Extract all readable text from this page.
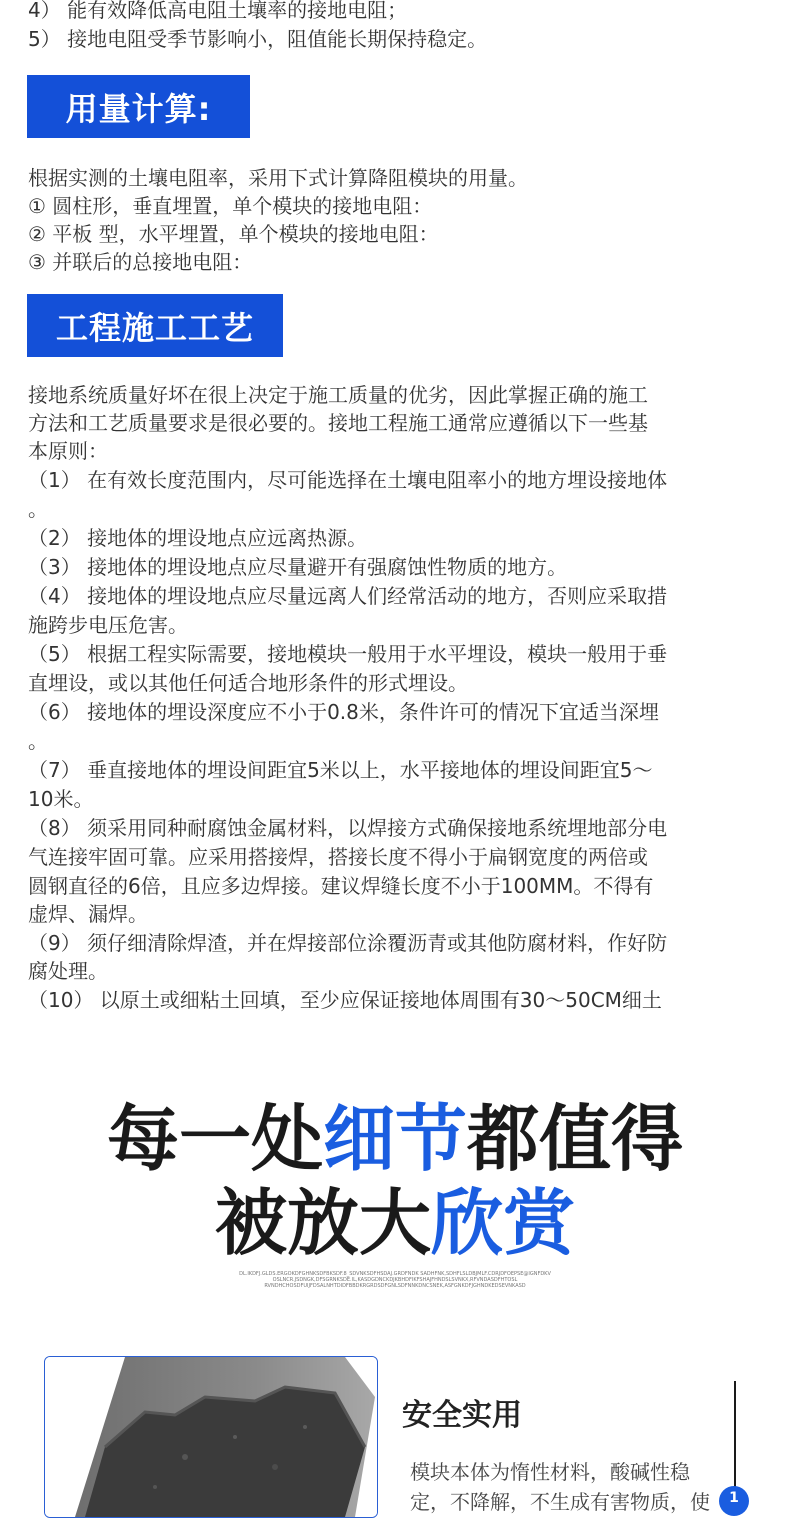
4） 能有效降低高电阻土壤率的接地电阻；
5） 接地电阻受季节影响小，阻值能长期保持稳定。
用量计算:
根据实测的土壤电阻率，采用下式计算降阻模块的用量。
① 圆柱形，垂直埋置，单个模块的接地电阻：
② 平板 型，水平埋置，单个模块的接地电阻：
③ 并联后的总接地电阻：
工程施工工艺
接地系统质量好坏在很上决定于施工质量的优劣，因此掌握正确的施工
方法和工艺质量要求是很必要的。接地工程施工通常应遵循以下一些基
本原则：
（1） 在有效长度范围内，尽可能选择在土壤电阻率小的地方埋设接地体
。
（2） 接地体的埋设地点应远离热源。
（3） 接地体的埋设地点应尽量避开有强腐蚀性物质的地方。
（4） 接地体的埋设地点应尽量远离人们经常活动的地方，否则应采取措
施跨步电压危害。
（5） 根据工程实际需要，接地模块一般用于水平埋设，模块一般用于垂
直埋设，或以其他任何适合地形条件的形式埋设。
（6） 接地体的埋设深度应不小于0.8米，条件许可的情况下宜适当深埋
。
（7） 垂直接地体的埋设间距宜5米以上，水平接地体的埋设间距宜5～
10米。
（8） 须采用同种耐腐蚀金属材料，以焊接方式确保接地系统埋地部分电
气连接牢固可靠。应采用搭接焊，搭接长度不得小于扁钢宽度的两倍或
圆钢直径的6倍，且应多边焊接。建议焊缝长度不小于100MM。不得有
虚焊、漏焊。
（9） 须仔细清除焊渣，并在焊接部位涂覆沥青或其他防腐材料，作好防
腐处理。
（10） 以原土或细粘土回填，至少应保证接地体周围有30～50CM细土
每一处细节都值得
被放大欣赏
DL.IKDFJ.GLDS.ERGOKDFGHNKSDFBKSDF.8_SDVNKSDFHSDAJ.GRDFNDK SADHFNK,SDHFLSLDBJMLF.CDRJDFOEPSE@IGNFDKV
OSLNCR.JSDNGK,DFSGRNKSDE.IL,KASDGDNCKDJKBHDFIKFSHAJFHNDSLSVNKX,RFVNDASDFHTOSL
RVNDHCHOSDFUIJFDSALNHTDIDFBBDKRGRDSDFGNLSDFNNKDNCSNEK,ASFGNKDFJGHNDKEDSEVNKASD
安全实用
模块本体为惰性材料，酸碱性稳
定，不降解，不生成有害物质，使	1
